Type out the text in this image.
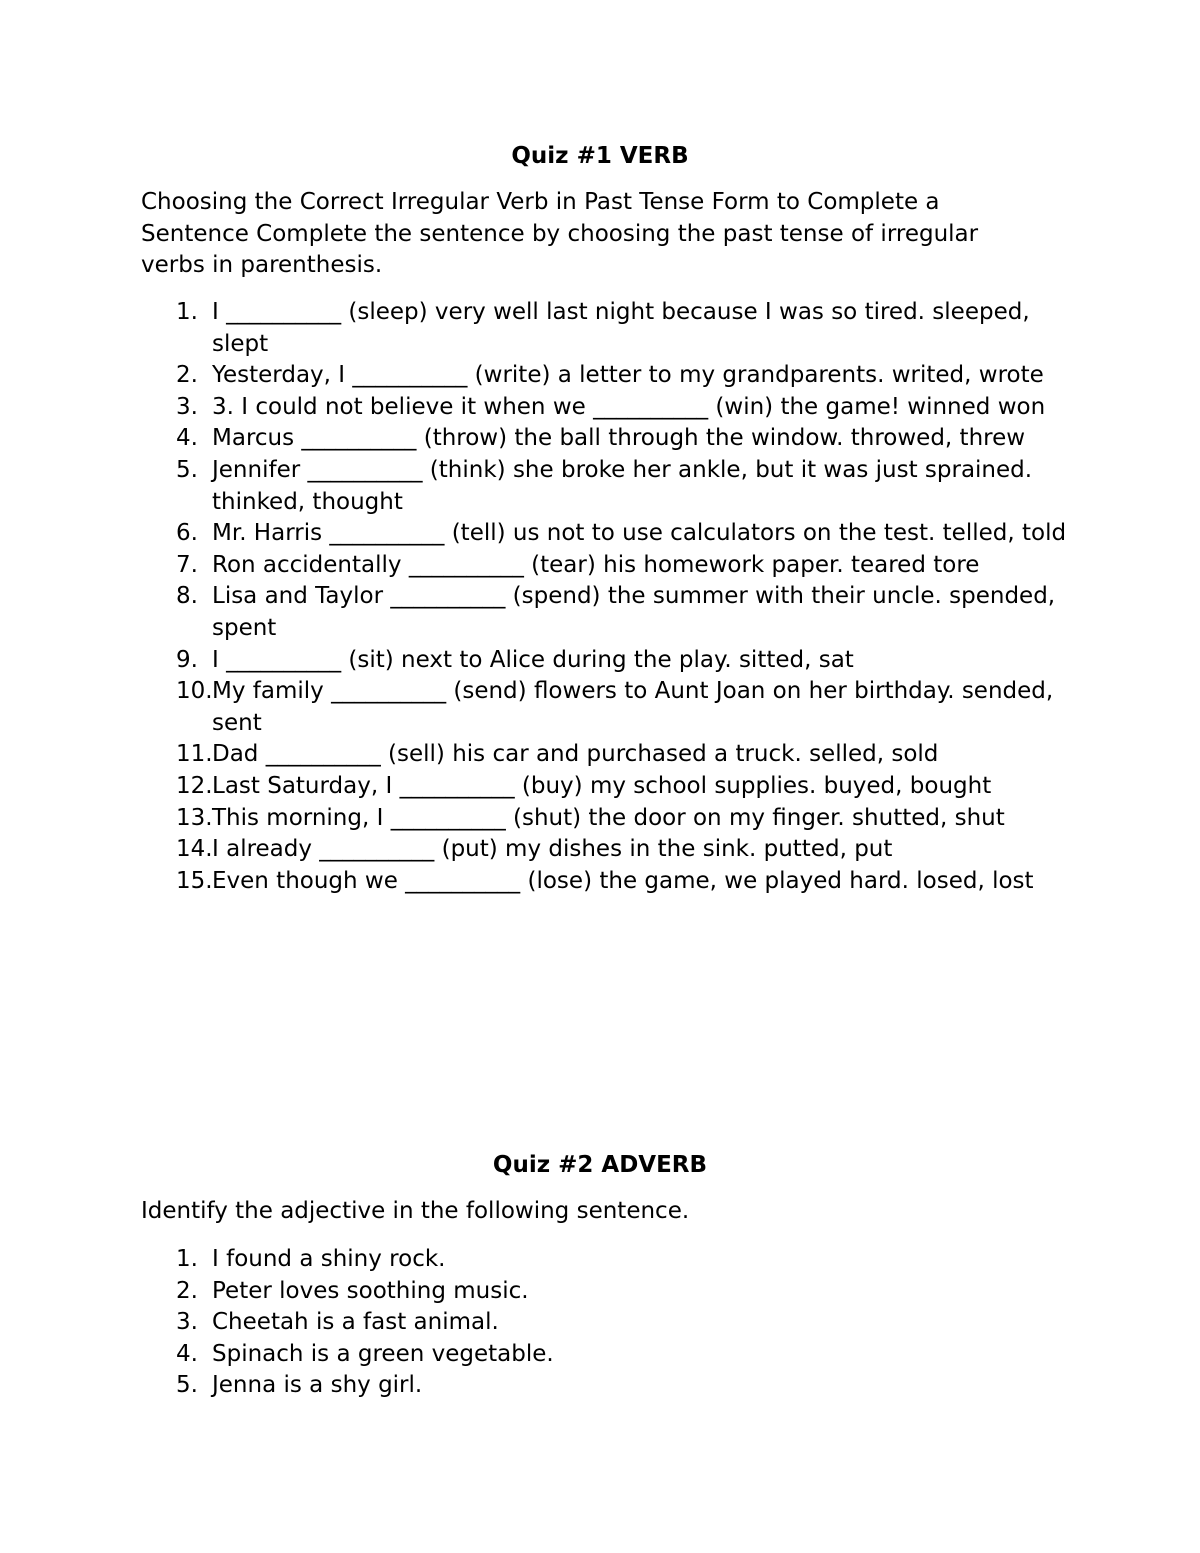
Quiz #1 VERB

Choosing the Correct Irregular Verb in Past Tense Form to Complete a Sentence Complete the sentence by choosing the past tense of irregular verbs in parenthesis.

1. I __________ (sleep) very well last night because I was so tired. sleeped, slept
2. Yesterday, I __________ (write) a letter to my grandparents. writed, wrote
3. 3. I could not believe it when we __________ (win) the game! winned won
4. Marcus __________ (throw) the ball through the window. throwed, threw
5. Jennifer __________ (think) she broke her ankle, but it was just sprained. thinked, thought
6. Mr. Harris __________ (tell) us not to use calculators on the test. telled, told
7. Ron accidentally __________ (tear) his homework paper. teared tore
8. Lisa and Taylor __________ (spend) the summer with their uncle. spended, spent
9. I __________ (sit) next to Alice during the play. sitted, sat
10. My family __________ (send) flowers to Aunt Joan on her birthday. sended, sent
11. Dad __________ (sell) his car and purchased a truck. selled, sold
12. Last Saturday, I __________ (buy) my school supplies. buyed, bought
13. This morning, I __________ (shut) the door on my finger. shutted, shut
14. I already __________ (put) my dishes in the sink. putted, put
15. Even though we __________ (lose) the game, we played hard. losed, lost
Quiz #2 ADVERB

Identify the adjective in the following sentence.

1. I found a shiny rock.
2. Peter loves soothing music.
3. Cheetah is a fast animal.
4. Spinach is a green vegetable.
5. Jenna is a shy girl.
